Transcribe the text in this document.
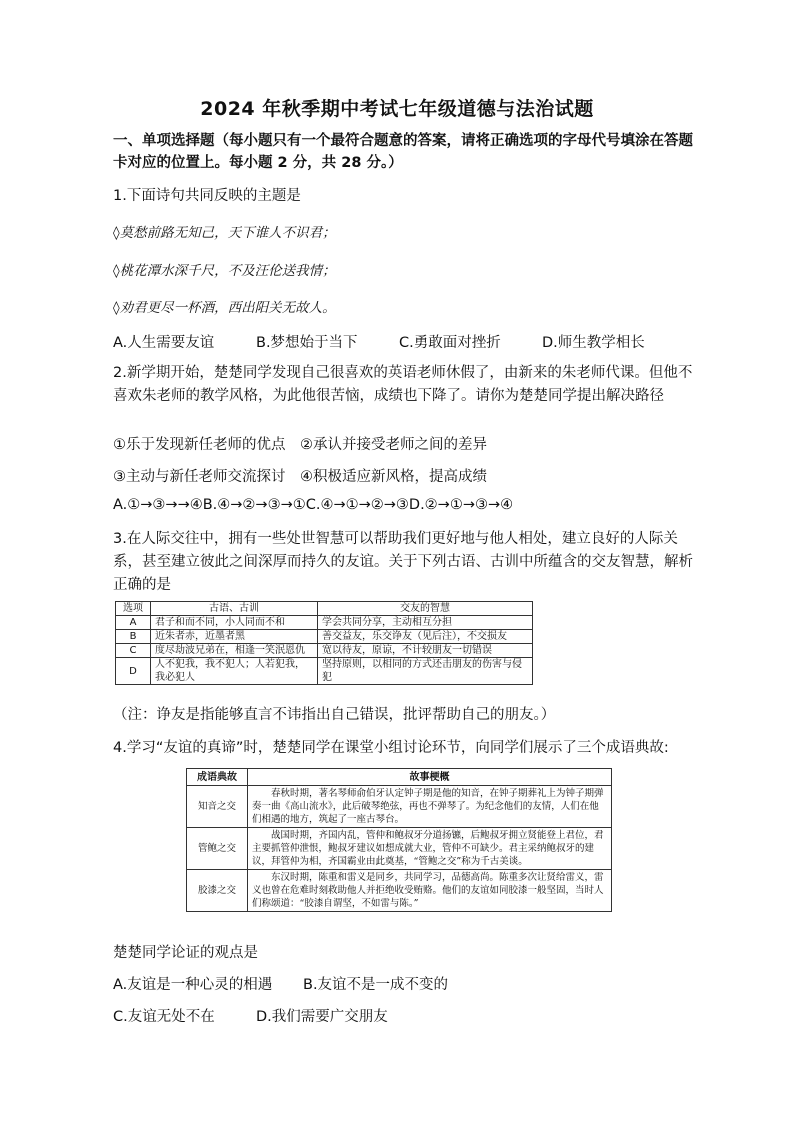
2024 年秋季期中考试七年级道德与法治试题
一、单项选择题（每小题只有一个最符合题意的答案，请将正确选项的字母代号填涂在答题卡对应的位置上。每小题 2 分，共 28 分。）
1.下面诗句共同反映的主题是
◊莫愁前路无知己，天下谁人不识君；
◊桃花潭水深千尺，不及汪伦送我情；
◊劝君更尽一杯酒，西出阳关无故人。
A.人生需要友谊	B.梦想始于当下	C.勇敢面对挫折	D.师生教学相长
2.新学期开始，楚楚同学发现自己很喜欢的英语老师休假了，由新来的朱老师代课。但他不喜欢朱老师的教学风格，为此他很苦恼，成绩也下降了。请你为楚楚同学提出解决路径
①乐于发现新任老师的优点　②承认并接受老师之间的差异
③主动与新任老师交流探讨　④积极适应新风格，提高成绩
A.①→③→→④B.④→②→③→①C.④→①→②→③D.②→①→③→④
3.在人际交往中，拥有一些处世智慧可以帮助我们更好地与他人相处，建立良好的人际关系，甚至建立彼此之间深厚而持久的友谊。关于下列古语、古训中所蕴含的交友智慧，解析正确的是
选项	古语、古训	交友的智慧
A	君子和而不同，小人同而不和	学会共同分享，主动相互分担
B	近朱者赤，近墨者黑	善交益友，乐交诤友（见后注），不交损友
C	度尽劫波兄弟在，相逢一笑泯恩仇	宽以待友，原谅，不计较朋友一切错误
D	人不犯我，我不犯人；人若犯我，我必犯人	坚持原则，以相同的方式还击朋友的伤害与侵犯
（注：诤友是指能够直言不讳指出自己错误，批评帮助自己的朋友。）
4.学习“友谊的真谛”时，楚楚同学在课堂小组讨论环节，向同学们展示了三个成语典故:
成语典故	故事梗概
知音之交	春秋时期，著名琴师俞伯牙认定钟子期是他的知音，在钟子期葬礼上为钟子期弹奏一曲《高山流水》，此后破琴绝弦，再也不弹琴了。为纪念他们的友情，人们在他们相遇的地方，筑起了一座古琴台。
管鲍之交	战国时期，齐国内乱，管仲和鲍叔牙分道扬镳，后鲍叔牙拥立贤能登上君位，君主要抓管仲泄恨，鲍叔牙建议如想成就大业，管仲不可缺少。君主采纳鲍叔牙的建议，拜管仲为相，齐国霸业由此奠基，“管鲍之交”称为千古美谈。
胶漆之交	东汉时期，陈重和雷义是同乡，共同学习，品德高尚。陈重多次让贤给雷义，雷义也曾在危难时刻救助他人并拒绝收受贿赂。他们的友谊如同胶漆一般坚固，当时人们称颂道：“胶漆自谓坚，不如雷与陈。”
楚楚同学论证的观点是
A.友谊是一种心灵的相遇 B.友谊不是一成不变的
C.友谊无处不在	D.我们需要广交朋友
